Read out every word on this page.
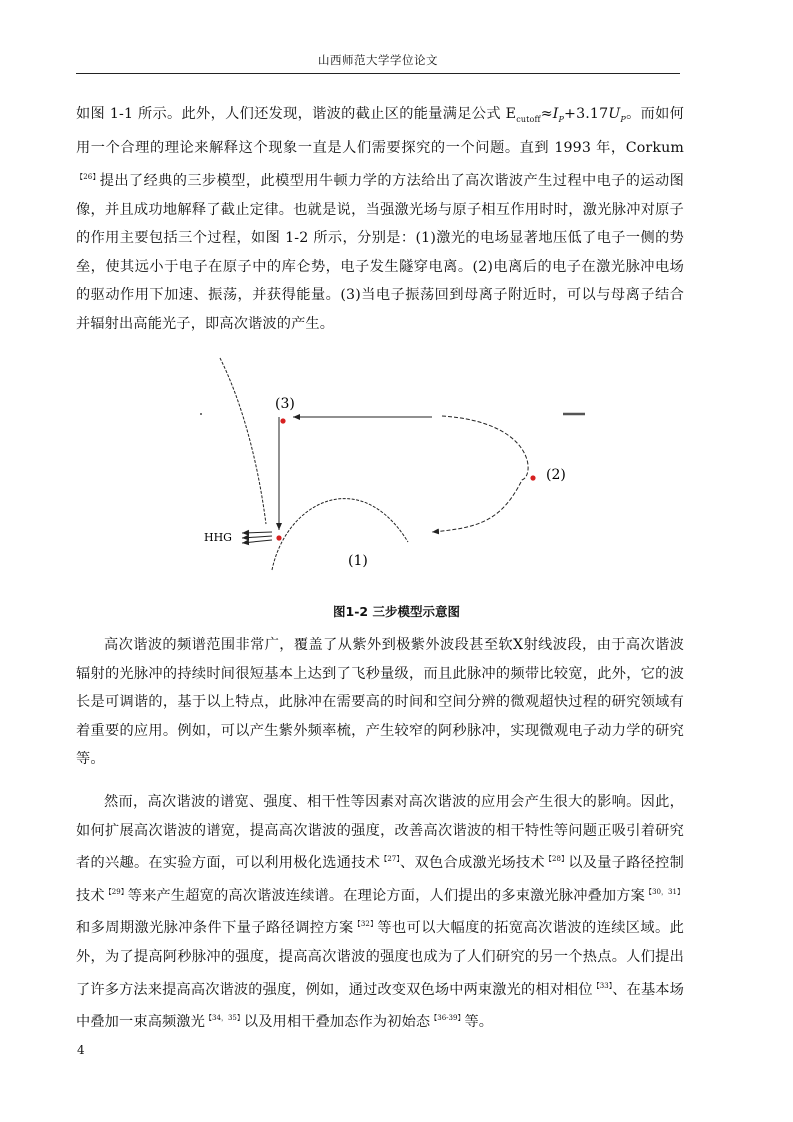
山西师范大学学位论文
如图 1-1 所示。此外，人们还发现，谐波的截止区的能量满足公式 $E_{cutoff}\approx I_P+3.17U_P$。而如何用一个合理的理论来解释这个现象一直是人们需要探究的一个问题。直到 1993 年，Corkum$^{【26】}$提出了经典的三步模型，此模型用牛顿力学的方法给出了高次谐波产生过程中电子的运动图像，并且成功地解释了截止定律。也就是说，当强激光场与原子相互作用时时，激光脉冲对原子的作用主要包括三个过程，如图 1-2 所示，分别是：(1)激光的电场显著地压低了电子一侧的势垒，使其远小于电子在原子中的库仑势，电子发生隧穿电离。(2)电离后的电子在激光脉冲电场的驱动作用下加速、振荡，并获得能量。(3)当电子振荡回到母离子附近时，可以与母离子结合并辐射出高能光子，即高次谐波的产生。
(3)
(2)
(1)
HHG
图1-2 三步模型示意图
高次谐波的频谱范围非常广，覆盖了从紫外到极紫外波段甚至软X射线波段，由于高次谐波辐射的光脉冲的持续时间很短基本上达到了飞秒量级，而且此脉冲的频带比较宽，此外，它的波长是可调谐的，基于以上特点，此脉冲在需要高的时间和空间分辨的微观超快过程的研究领域有着重要的应用。例如，可以产生紫外频率梳，产生较窄的阿秒脉冲，实现微观电子动力学的研究等。
然而，高次谐波的谱宽、强度、相干性等因素对高次谐波的应用会产生很大的影响。因此，如何扩展高次谐波的谱宽，提高高次谐波的强度，改善高次谐波的相干特性等问题正吸引着研究者的兴趣。在实验方面，可以利用极化选通技术$^{【27】}$、双色合成激光场技术$^{【28】}$以及量子路径控制技术$^{【29】}$等来产生超宽的高次谐波连续谱。在理论方面，人们提出的多束激光脉冲叠加方案$^{【30,31】}$和多周期激光脉冲条件下量子路径调控方案$^{【32】}$等也可以大幅度的拓宽高次谐波的连续区域。此外，为了提高阿秒脉冲的强度，提高高次谐波的强度也成为了人们研究的另一个热点。人们提出了许多方法来提高高次谐波的强度，例如，通过改变双色场中两束激光的相对相位$^{【33】}$、在基本场中叠加一束高频激光$^{【34,35】}$以及用相干叠加态作为初始态$^{【36-39】}$等。
4
